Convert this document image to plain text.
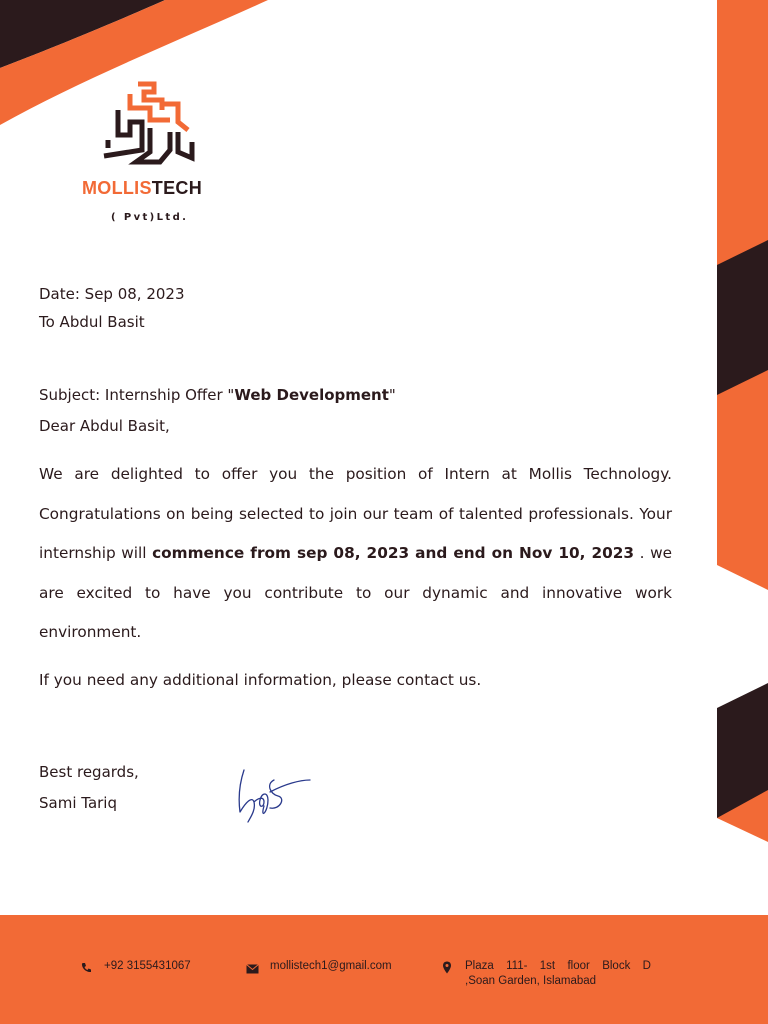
MOLLISTECH
( Pvt)Ltd.
Date: Sep 08, 2023
To Abdul Basit
Subject: Internship Offer "Web Development"
Dear Abdul Basit,
We are delighted to offer you the position of Intern at Mollis Technology. Congratulations on being selected to join our team of talented professionals. Your internship will commence from sep 08, 2023 and end on Nov 10, 2023 . we are excited to have you contribute to our dynamic and innovative work environment.
If you need any additional information, please contact us.
Best regards,
Sami Tariq
+92 3155431067	mollistech1@gmail.com	Plaza 111- 1st floor Block D
,Soan Garden, Islamabad
